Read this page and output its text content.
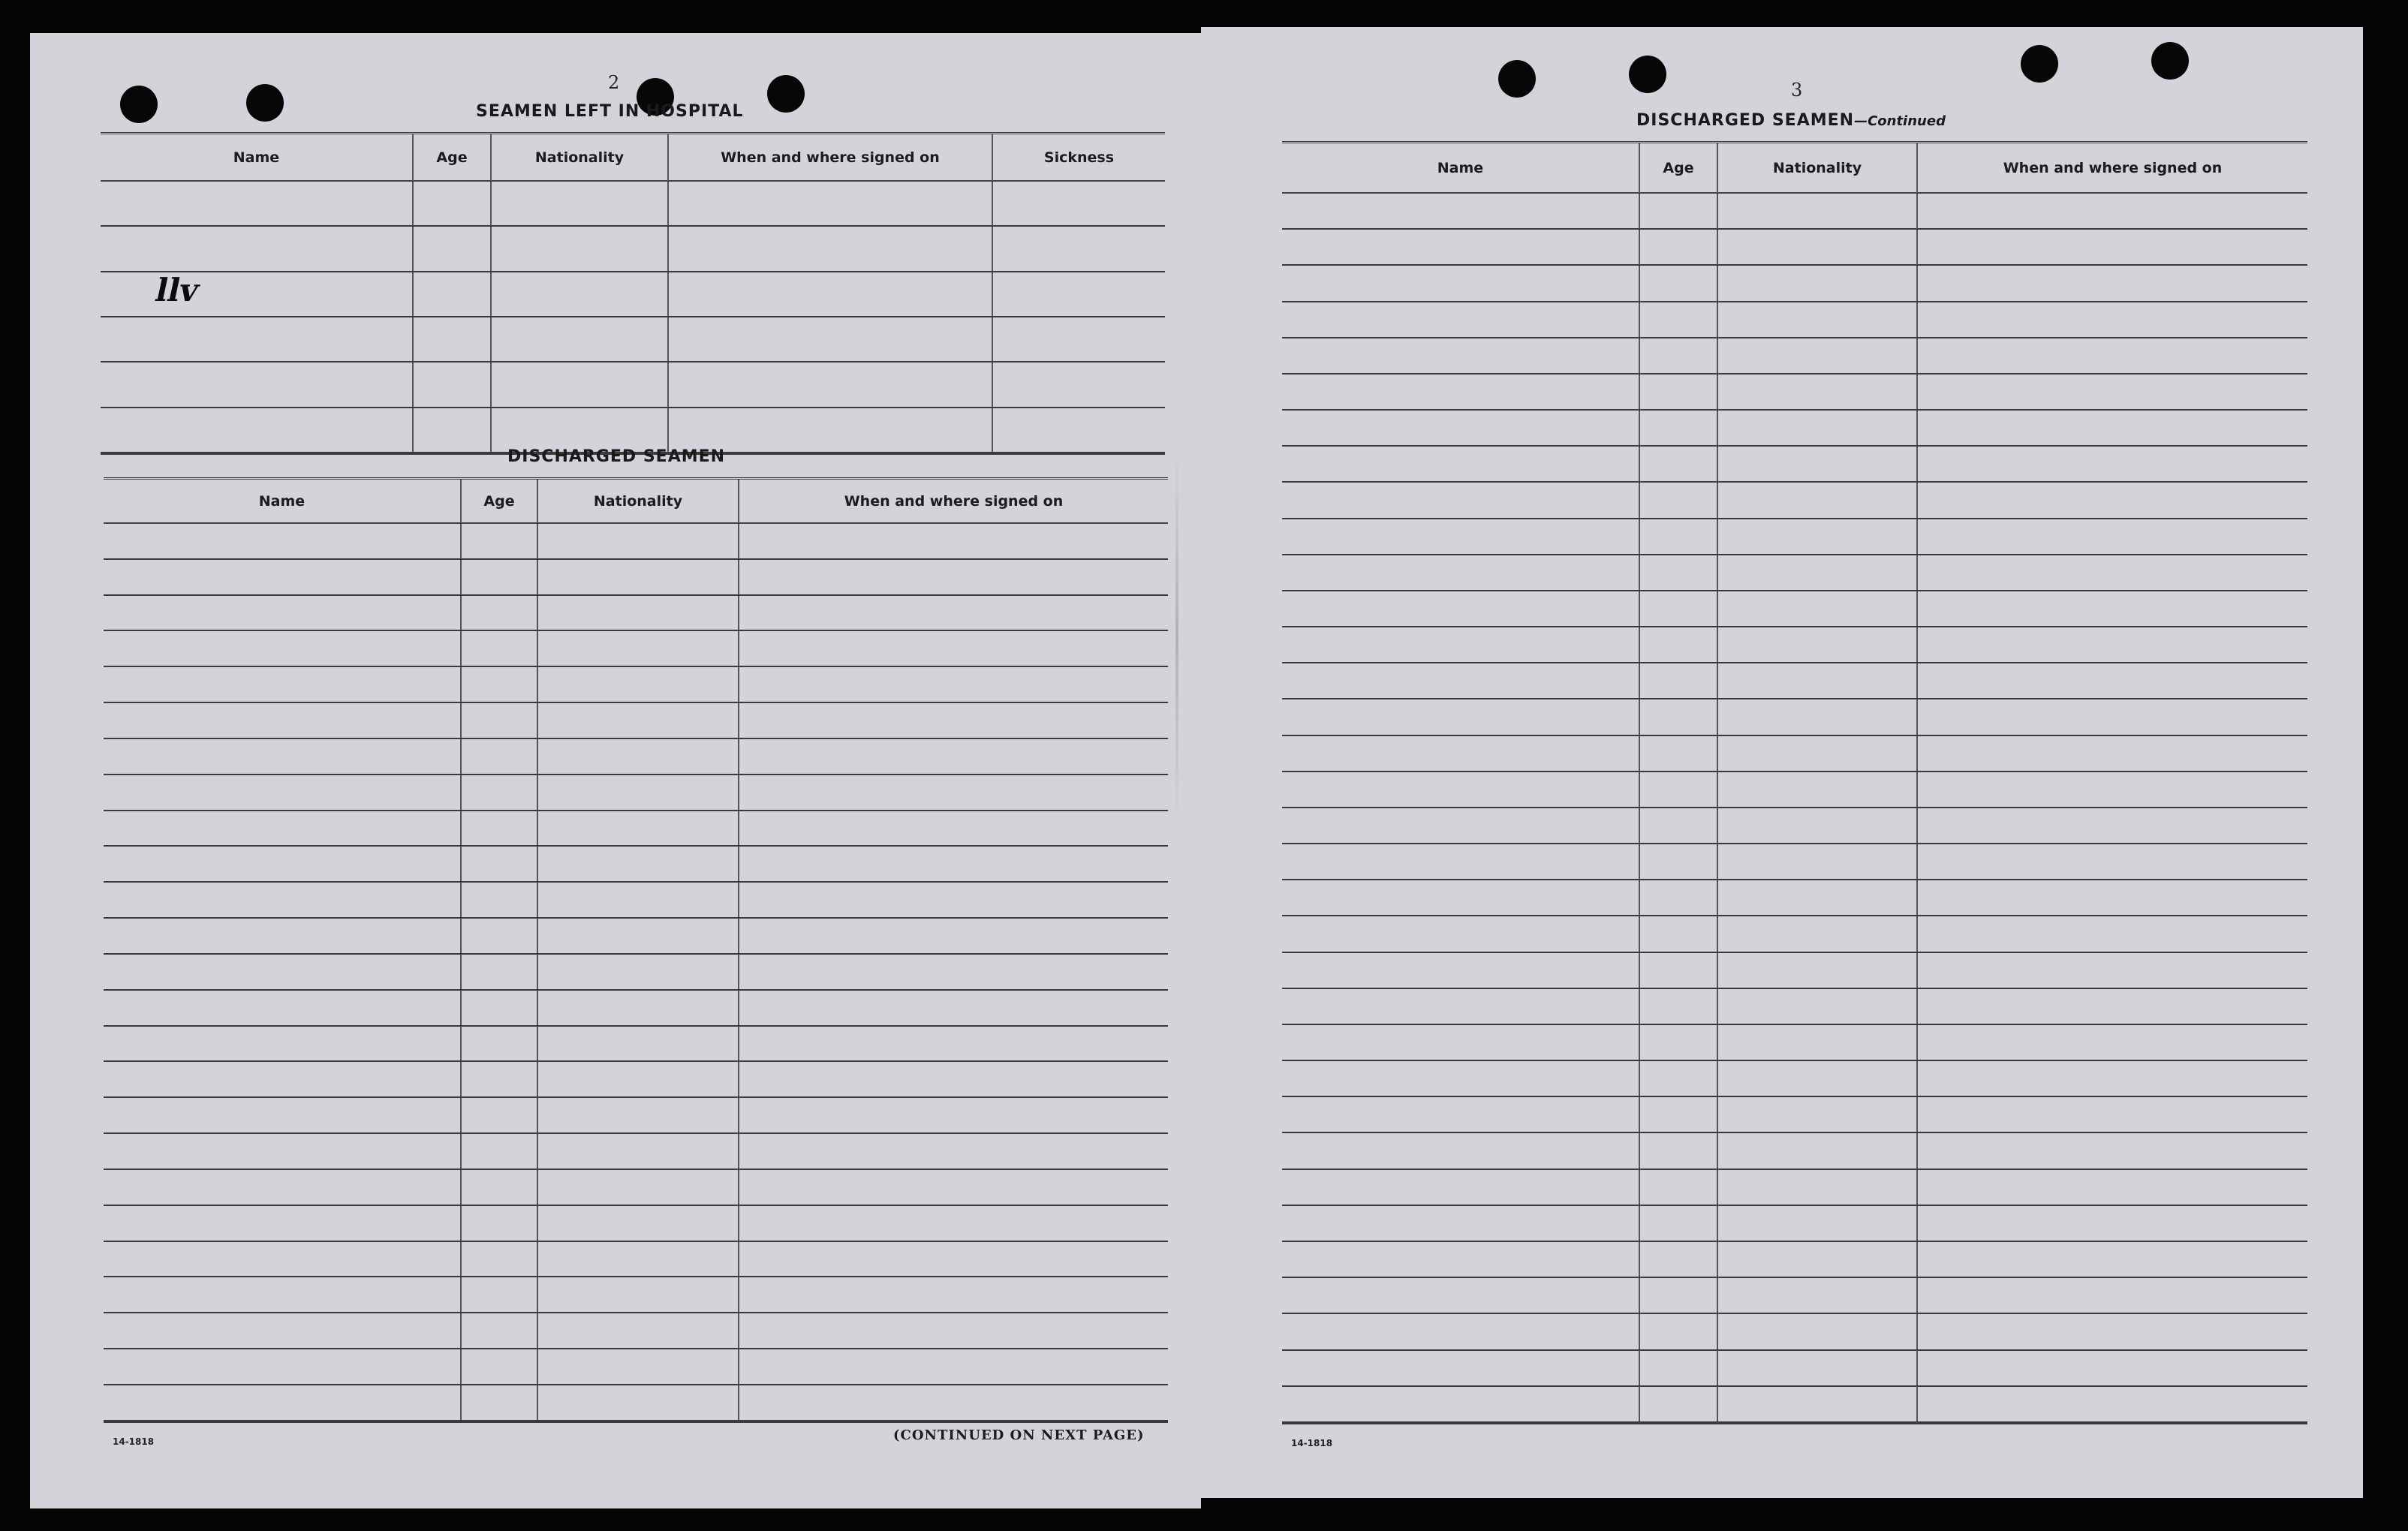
2
SEAMEN LEFT IN HOSPITAL
Name	Age	Nationality	When and where signed on	Sickness

llv
DISCHARGED SEAMEN
Name	Age	Nationality	When and where signed on

14-1818	(CONTINUED ON NEXT PAGE)
3
DISCHARGED SEAMEN—Continued
Name	Age	Nationality	When and where signed on

14-1818
